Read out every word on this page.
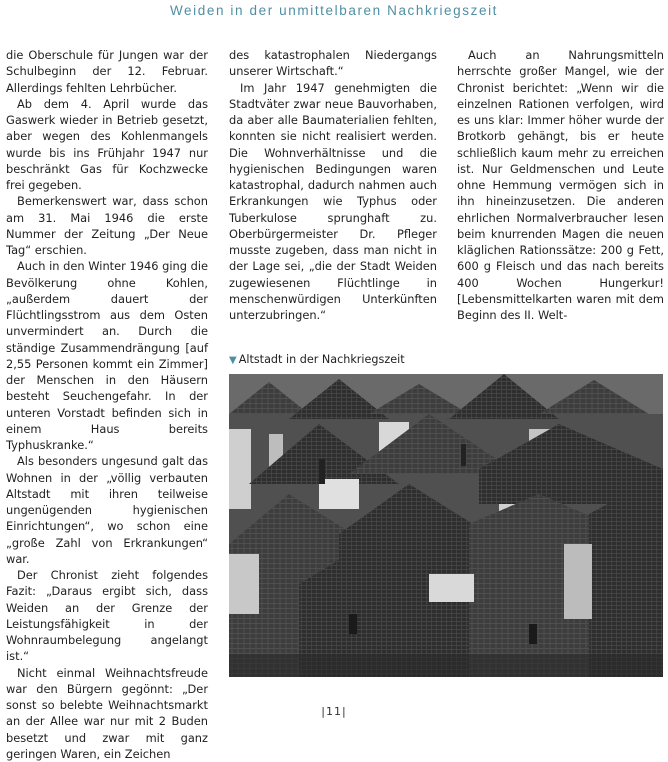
Weiden in der unmittelbaren Nachkriegszeit

die Oberschule für Jungen war der Schulbeginn der 12. Februar. Allerdings fehlten Lehrbücher.

Ab dem 4. April wurde das Gaswerk wieder in Betrieb gesetzt, aber wegen des Kohlenmangels wurde bis ins Frühjahr 1947 nur beschränkt Gas für Kochzwecke frei gegeben.

Bemerkenswert war, dass schon am 31. Mai 1946 die erste Nummer der Zeitung „Der Neue Tag“ erschien.

Auch in den Winter 1946 ging die Bevölkerung ohne Kohlen, „außerdem dauert der Flüchtlingsstrom aus dem Osten unvermindert an. Durch die ständige Zusammendrängung [auf 2,55 Personen kommt ein Zimmer] der Menschen in den Häusern besteht Seuchengefahr. In der unteren Vorstadt befinden sich in einem Haus bereits Typhuskranke.“

Als besonders ungesund galt das Wohnen in der „völlig verbauten Altstadt mit ihren teilweise ungenügenden hygienischen Einrichtungen“, wo schon eine „große Zahl von Erkrankungen“ war.

Der Chronist zieht folgendes Fazit: „Daraus ergibt sich, dass Weiden an der Grenze der Leistungsfähigkeit in der Wohnraumbelegung angelangt ist.“

Nicht einmal Weihnachtsfreude war den Bürgern gegönnt: „Der sonst so belebte Weihnachtsmarkt an der Allee war nur mit 2 Buden besetzt und zwar mit ganz geringen Waren, ein Zeichen

des katastrophalen Niedergangs unserer Wirtschaft.“

Im Jahr 1947 genehmigten die Stadtväter zwar neue Bauvorhaben, da aber alle Baumaterialien fehlten, konnten sie nicht realisiert werden. Die Wohnverhältnisse und die hygienischen Bedingungen waren katastrophal, dadurch nahmen auch Erkrankungen wie Typhus oder Tuberkulose sprunghaft zu. Oberbürgermeister Dr. Pfleger musste zugeben, dass man nicht in der Lage sei, „die der Stadt Weiden zugewiesenen Flüchtlinge in menschenwürdigen Unterkünften unterzubringen.“

Auch an Nahrungsmitteln herrschte großer Mangel, wie der Chronist berichtet: „Wenn wir die einzelnen Rationen verfolgen, wird es uns klar: Immer höher wurde der Brotkorb gehängt, bis er heute schließlich kaum mehr zu erreichen ist. Nur Geldmenschen und Leute ohne Hemmung vermögen sich in ihn hineinzusetzen. Die anderen ehrlichen Normalverbraucher lesen beim knurrenden Magen die neuen kläglichen Rationssätze: 200 g Fett, 600 g Fleisch und das nach bereits 400 Wochen Hungerkur! [Lebensmittelkarten waren mit dem Beginn des II. Welt-

▼ Altstadt in der Nachkriegszeit
|11|
